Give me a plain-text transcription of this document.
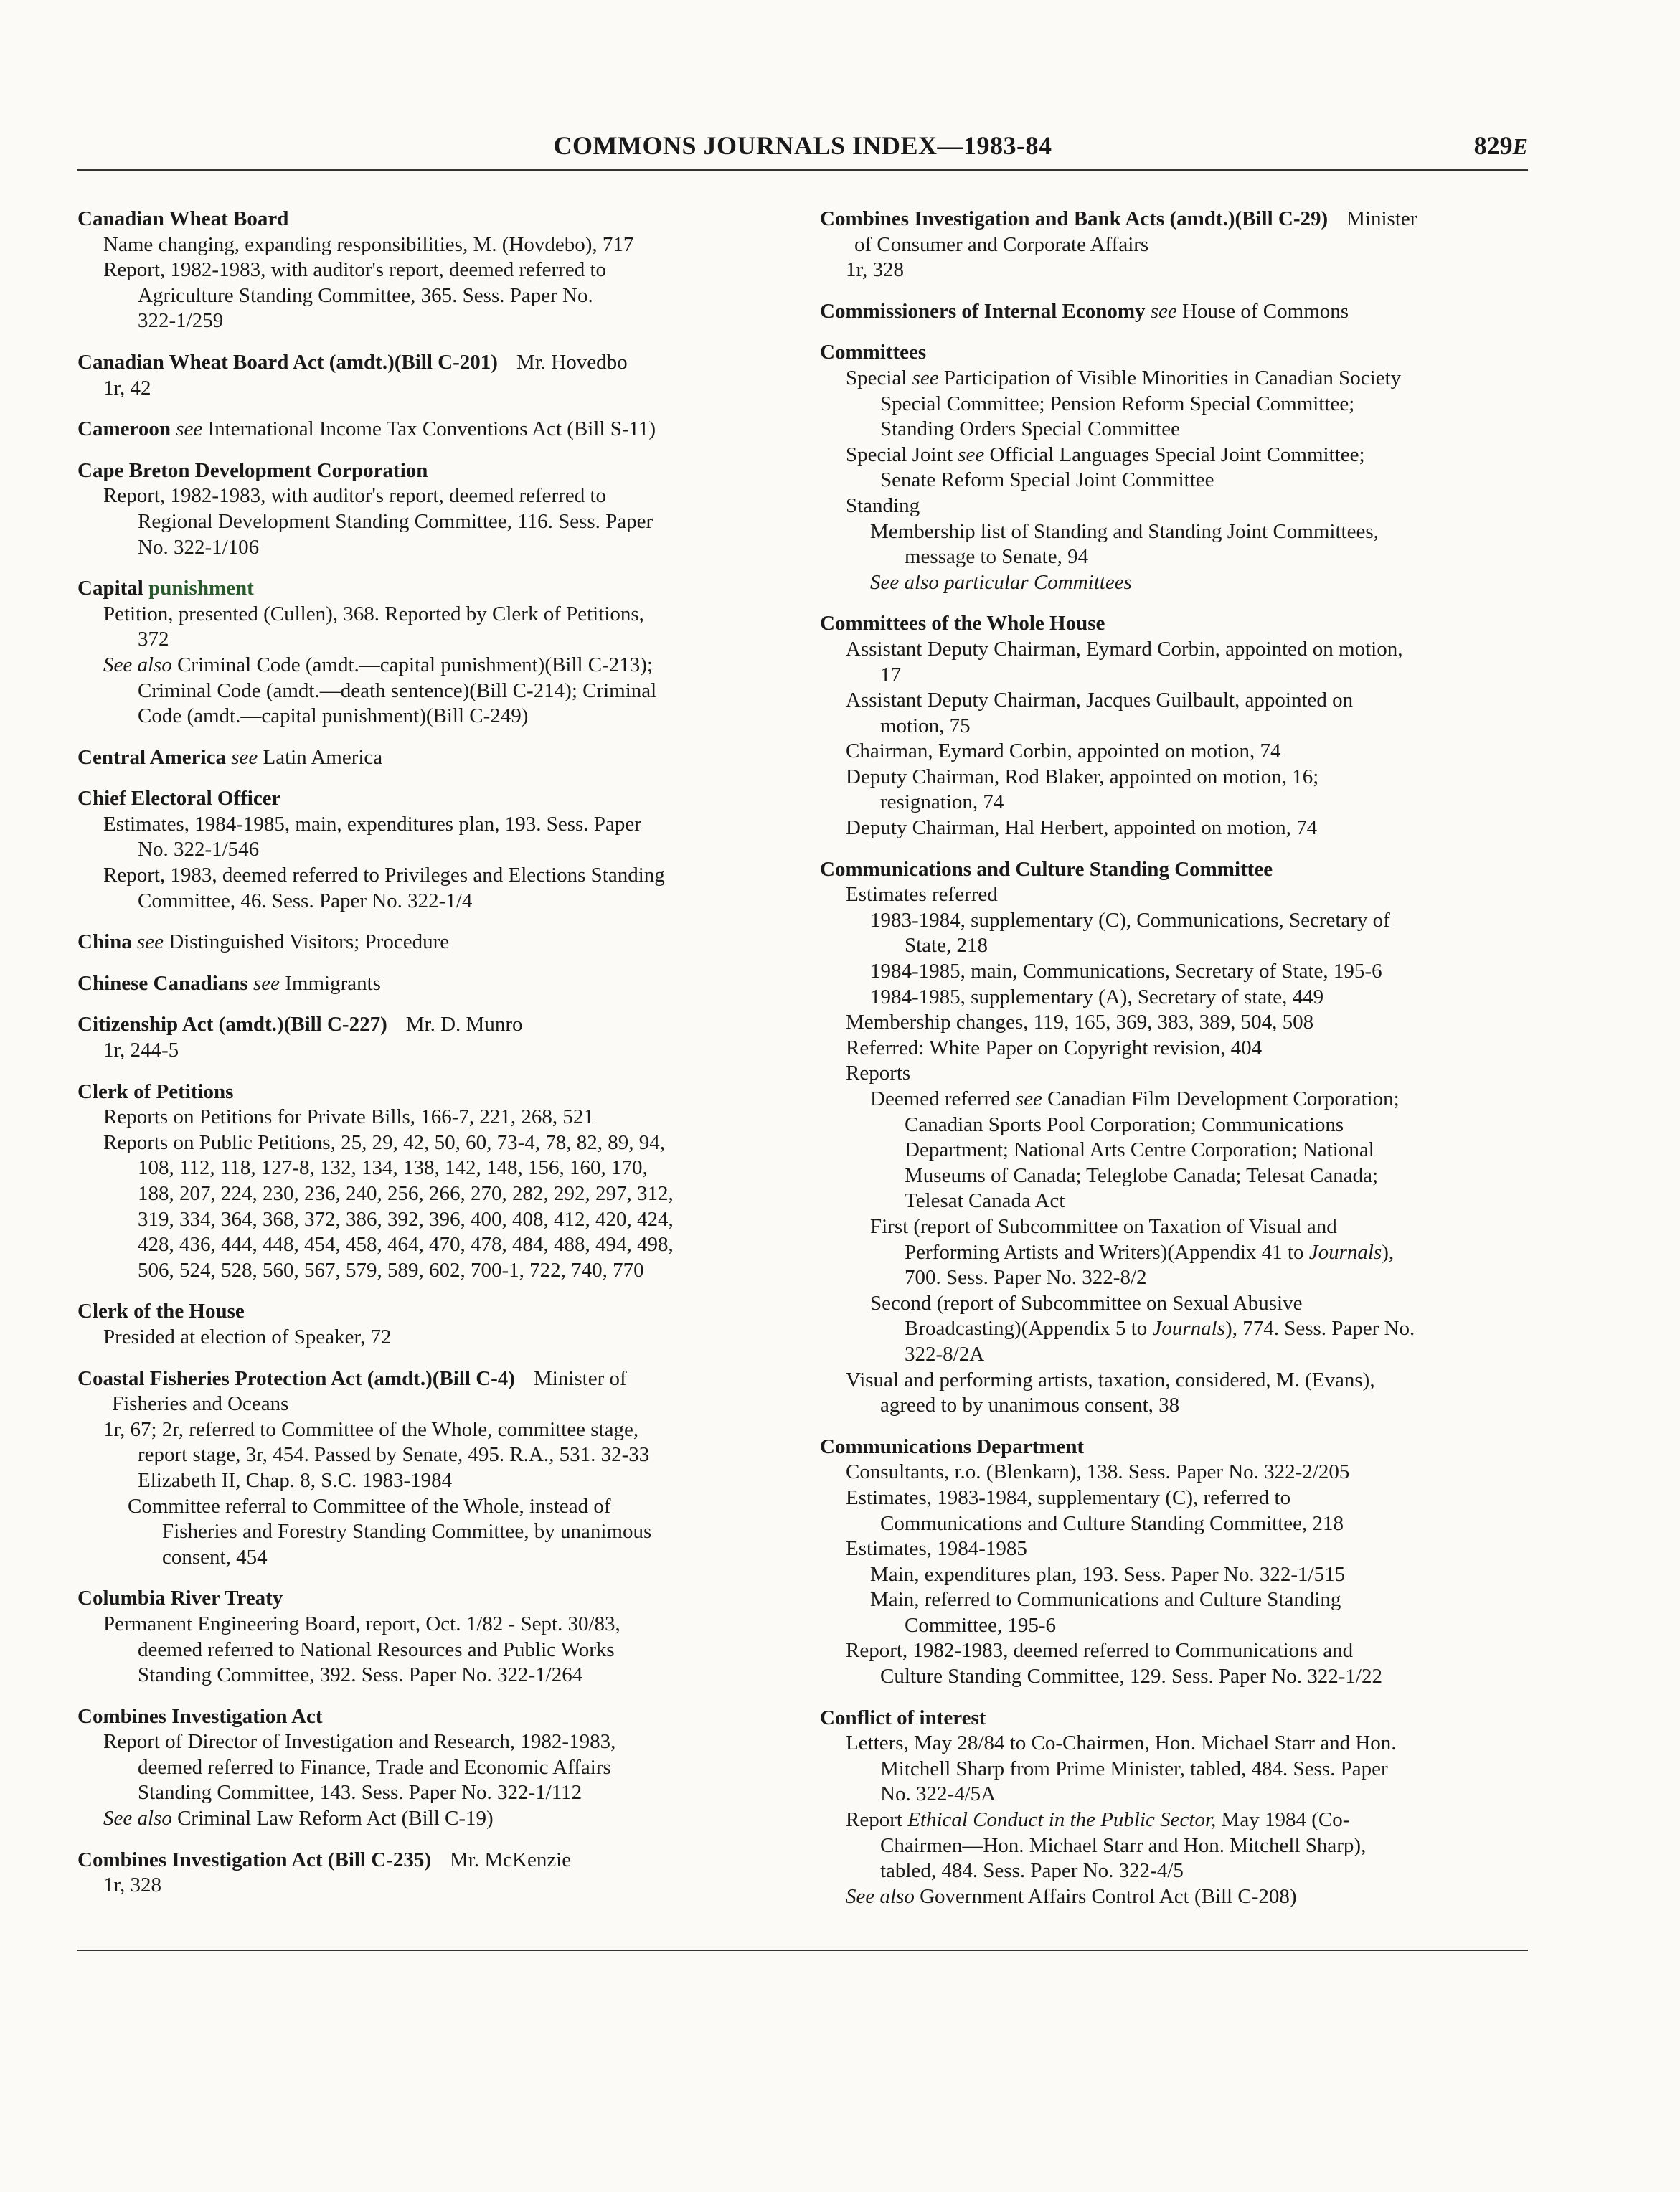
COMMONS JOURNALS INDEX—1983-84	829E
Canadian Wheat Board
Name changing, expanding responsibilities, M. (Hovdebo), 717
Report, 1982-1983, with auditor's report, deemed referred to
Agriculture Standing Committee, 365. Sess. Paper No.
322-1/259
Canadian Wheat Board Act (amdt.)(Bill C-201) Mr. Hovedbo
1r, 42
Cameroon see International Income Tax Conventions Act (Bill S-11)
Cape Breton Development Corporation
Report, 1982-1983, with auditor's report, deemed referred to
Regional Development Standing Committee, 116. Sess. Paper
No. 322-1/106
Capital punishment
Petition, presented (Cullen), 368. Reported by Clerk of Petitions,
372
See also Criminal Code (amdt.—capital punishment)(Bill C-213);
Criminal Code (amdt.—death sentence)(Bill C-214); Criminal
Code (amdt.—capital punishment)(Bill C-249)
Central America see Latin America
Chief Electoral Officer
Estimates, 1984-1985, main, expenditures plan, 193. Sess. Paper
No. 322-1/546
Report, 1983, deemed referred to Privileges and Elections Standing
Committee, 46. Sess. Paper No. 322-1/4
China see Distinguished Visitors; Procedure
Chinese Canadians see Immigrants
Citizenship Act (amdt.)(Bill C-227) Mr. D. Munro
1r, 244-5
Clerk of Petitions
Reports on Petitions for Private Bills, 166-7, 221, 268, 521
Reports on Public Petitions, 25, 29, 42, 50, 60, 73-4, 78, 82, 89, 94,
108, 112, 118, 127-8, 132, 134, 138, 142, 148, 156, 160, 170,
188, 207, 224, 230, 236, 240, 256, 266, 270, 282, 292, 297, 312,
319, 334, 364, 368, 372, 386, 392, 396, 400, 408, 412, 420, 424,
428, 436, 444, 448, 454, 458, 464, 470, 478, 484, 488, 494, 498,
506, 524, 528, 560, 567, 579, 589, 602, 700-1, 722, 740, 770
Clerk of the House
Presided at election of Speaker, 72
Coastal Fisheries Protection Act (amdt.)(Bill C-4) Minister of
Fisheries and Oceans
1r, 67; 2r, referred to Committee of the Whole, committee stage,
report stage, 3r, 454. Passed by Senate, 495. R.A., 531. 32-33
Elizabeth II, Chap. 8, S.C. 1983-1984
Committee referral to Committee of the Whole, instead of
Fisheries and Forestry Standing Committee, by unanimous
consent, 454
Columbia River Treaty
Permanent Engineering Board, report, Oct. 1/82 - Sept. 30/83,
deemed referred to National Resources and Public Works
Standing Committee, 392. Sess. Paper No. 322-1/264
Combines Investigation Act
Report of Director of Investigation and Research, 1982-1983,
deemed referred to Finance, Trade and Economic Affairs
Standing Committee, 143. Sess. Paper No. 322-1/112
See also Criminal Law Reform Act (Bill C-19)
Combines Investigation Act (Bill C-235) Mr. McKenzie
1r, 328
Combines Investigation and Bank Acts (amdt.)(Bill C-29) Minister
of Consumer and Corporate Affairs
1r, 328
Commissioners of Internal Economy see House of Commons
Committees
Special see Participation of Visible Minorities in Canadian Society
Special Committee; Pension Reform Special Committee;
Standing Orders Special Committee
Special Joint see Official Languages Special Joint Committee;
Senate Reform Special Joint Committee
Standing
Membership list of Standing and Standing Joint Committees,
message to Senate, 94
See also particular Committees
Committees of the Whole House
Assistant Deputy Chairman, Eymard Corbin, appointed on motion,
17
Assistant Deputy Chairman, Jacques Guilbault, appointed on
motion, 75
Chairman, Eymard Corbin, appointed on motion, 74
Deputy Chairman, Rod Blaker, appointed on motion, 16;
resignation, 74
Deputy Chairman, Hal Herbert, appointed on motion, 74
Communications and Culture Standing Committee
Estimates referred
1983-1984, supplementary (C), Communications, Secretary of
State, 218
1984-1985, main, Communications, Secretary of State, 195-6
1984-1985, supplementary (A), Secretary of state, 449
Membership changes, 119, 165, 369, 383, 389, 504, 508
Referred: White Paper on Copyright revision, 404
Reports
Deemed referred see Canadian Film Development Corporation;
Canadian Sports Pool Corporation; Communications
Department; National Arts Centre Corporation; National
Museums of Canada; Teleglobe Canada; Telesat Canada;
Telesat Canada Act
First (report of Subcommittee on Taxation of Visual and
Performing Artists and Writers)(Appendix 41 to Journals),
700. Sess. Paper No. 322-8/2
Second (report of Subcommittee on Sexual Abusive
Broadcasting)(Appendix 5 to Journals), 774. Sess. Paper No.
322-8/2A
Visual and performing artists, taxation, considered, M. (Evans),
agreed to by unanimous consent, 38
Communications Department
Consultants, r.o. (Blenkarn), 138. Sess. Paper No. 322-2/205
Estimates, 1983-1984, supplementary (C), referred to
Communications and Culture Standing Committee, 218
Estimates, 1984-1985
Main, expenditures plan, 193. Sess. Paper No. 322-1/515
Main, referred to Communications and Culture Standing
Committee, 195-6
Report, 1982-1983, deemed referred to Communications and
Culture Standing Committee, 129. Sess. Paper No. 322-1/22
Conflict of interest
Letters, May 28/84 to Co-Chairmen, Hon. Michael Starr and Hon.
Mitchell Sharp from Prime Minister, tabled, 484. Sess. Paper
No. 322-4/5A
Report Ethical Conduct in the Public Sector, May 1984 (Co-
Chairmen—Hon. Michael Starr and Hon. Mitchell Sharp),
tabled, 484. Sess. Paper No. 322-4/5
See also Government Affairs Control Act (Bill C-208)
